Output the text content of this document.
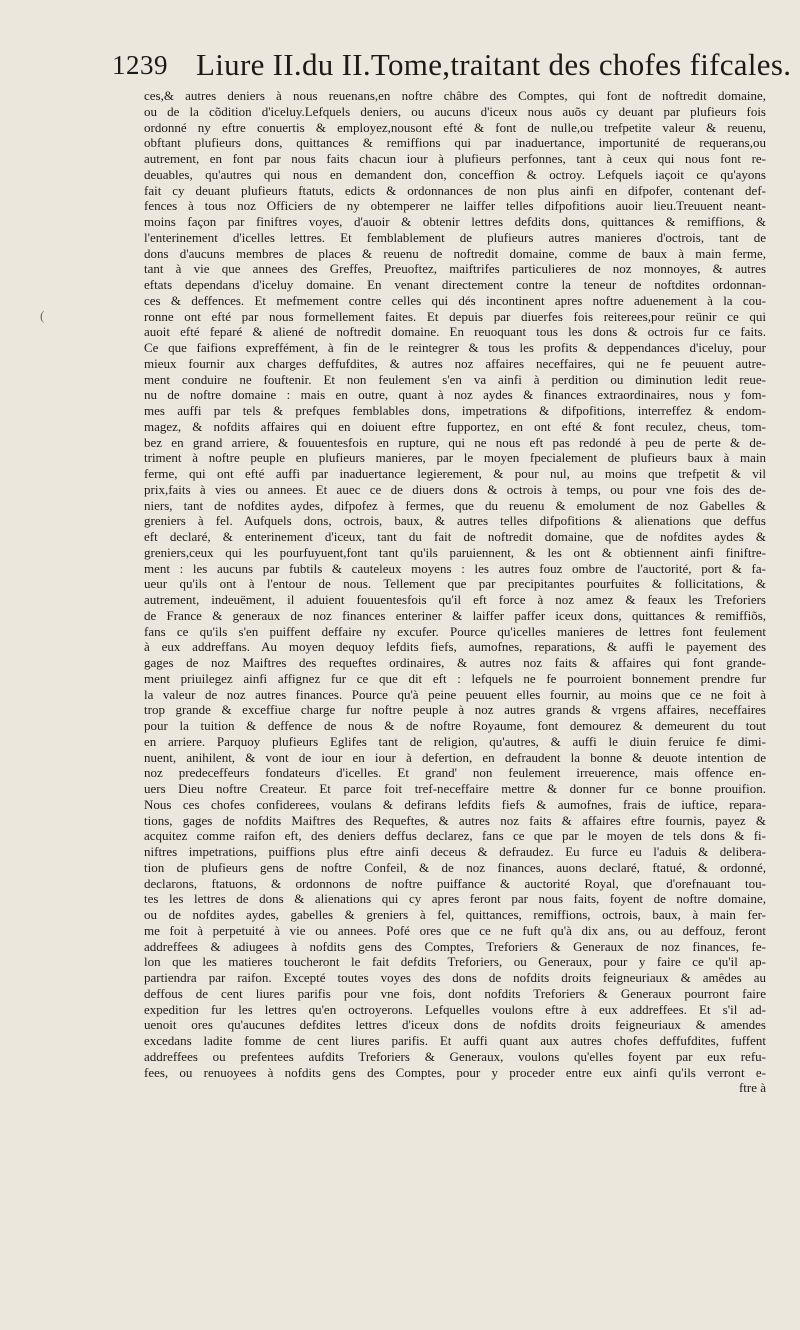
1239 Liure II.du II.Tome,traitant des chofes fifcales.
(
ces,& autres deniers à nous reuenans,en noftre châbre des Comptes, qui font de noftredit domaine,
ou de la cõdition d'iceluy.Lefquels deniers, ou aucuns d'iceux nous auõs cy deuant par plufieurs fois
ordonné ny eftre conuertis & employez,nousont efté & font de nulle,ou trefpetite valeur & reuenu,
obftant plufieurs dons, quittances & remiffions qui par inaduertance, importunité de requerans,ou
autrement, en font par nous faits chacun iour à plufieurs perfonnes, tant à ceux qui nous font re-
deuables, qu'autres qui nous en demandent don, conceffion & octroy. Lefquels iaçoit ce qu'ayons
fait cy deuant plufieurs ftatuts, edicts & ordonnances de non plus ainfi en difpofer, contenant def-
fences à tous noz Officiers de ny obtemperer ne laiffer telles difpofitions auoir lieu.Treuuent neant-
moins façon par finiftres voyes, d'auoir & obtenir lettres defdits dons, quittances & remiffions, &
l'enterinement d'icelles lettres. Et femblablement de plufieurs autres manieres d'octrois, tant de
dons d'aucuns membres de places & reuenu de noftredit domaine, comme de baux à main ferme,
tant à vie que annees des Greffes, Preuoftez, maiftrifes particulieres de noz monnoyes, & autres
eftats dependans d'iceluy domaine. En venant directement contre la teneur de noftdites ordonnan-
ces & deffences. Et mefmement contre celles qui dés incontinent apres noftre aduenement à la cou-
ronne ont efté par nous formellement faites. Et depuis par diuerfes fois reiterees,pour reünir ce qui
auoit efté feparé & aliené de noftredit domaine. En reuoquant tous les dons & octrois fur ce faits.
Ce que faifions expreffément, à fin de le reintegrer & tous les profits & deppendances d'iceluy, pour
mieux fournir aux charges deffufdites, & autres noz affaires neceffaires, qui ne fe peuuent autre-
ment conduire ne fouftenir. Et non feulement s'en va ainfi à perdition ou diminution ledit reue-
nu de noftre domaine : mais en outre, quant à noz aydes & finances extraordinaires, nous y fom-
mes auffi par tels & prefques femblables dons, impetrations & difpofitions, interreffez & endom-
magez, & nofdits affaires qui en doiuent eftre fupportez, en ont efté & font reculez, cheus, tom-
bez en grand arriere, & fouuentesfois en rupture, qui ne nous eft pas redondé à peu de perte & de-
triment à noftre peuple en plufieurs manieres, par le moyen fpecialement de plufieurs baux à main
ferme, qui ont efté auffi par inaduertance legierement, & pour nul, au moins que trefpetit & vil
prix,faits à vies ou annees. Et auec ce de diuers dons & octrois à temps, ou pour vne fois des de-
niers, tant de nofdites aydes, difpofez à fermes, que du reuenu & emolument de noz Gabelles &
greniers à fel. Aufquels dons, octrois, baux, & autres telles difpofitions & alienations que deffus
eft declaré, & enterinement d'iceux, tant du fait de noftredit domaine, que de nofdites aydes &
greniers,ceux qui les pourfuyuent,font tant qu'ils paruiennent, & les ont & obtiennent ainfi finiftre-
ment : les aucuns par fubtils & cauteleux moyens : les autres fouz ombre de l'auctorité, port & fa-
ueur qu'ils ont à l'entour de nous. Tellement que par precipitantes pourfuites & follicitations, &
autrement, indeuëment, il aduient fouuentesfois qu'il eft force à noz amez & feaux les Treforiers
de France & generaux de noz finances enteriner & laiffer paffer iceux dons, quittances & remiffiõs,
fans ce qu'ils s'en puiffent deffaire ny excufer. Pource qu'icelles manieres de lettres font feulement
à eux addreffans. Au moyen dequoy lefdits fiefs, aumofnes, reparations, & auffi le payement des
gages de noz Maiftres des requeftes ordinaires, & autres noz faits & affaires qui font grande-
ment priuilegez ainfi affignez fur ce que dit eft : lefquels ne fe pourroient bonnement prendre fur
la valeur de noz autres finances. Pource qu'à peine peuuent elles fournir, au moins que ce ne foit à
trop grande & exceffiue charge fur noftre peuple à noz autres grands & vrgens affaires, neceffaires
pour la tuition & deffence de nous & de noftre Royaume, font demourez & demeurent du tout
en arriere. Parquoy plufieurs Eglifes tant de religion, qu'autres, & auffi le diuin feruice fe dimi-
nuent, anihilent, & vont de iour en iour à defertion, en defraudent la bonne & deuote intention de
noz predeceffeurs fondateurs d'icelles. Et grand' non feulement irreuerence, mais offence en-
uers Dieu noftre Createur. Et parce foit tref-neceffaire mettre & donner fur ce bonne prouifion.
Nous ces chofes confiderees, voulans & defirans lefdits fiefs & aumofnes, frais de iuftice, repara-
tions, gages de nofdits Maiftres des Requeftes, & autres noz faits & affaires eftre fournis, payez &
acquitez comme raifon eft, des deniers deffus declarez, fans ce que par le moyen de tels dons & fi-
niftres impetrations, puiffions plus eftre ainfi deceus & defraudez. Eu furce eu l'aduis & delibera-
tion de plufieurs gens de noftre Confeil, & de noz finances, auons declaré, ftatué, & ordonné,
declarons, ftatuons, & ordonnons de noftre puiffance & auctorité Royal, que d'orefnauant tou-
tes les lettres de dons & alienations qui cy apres feront par nous faits, foyent de noftre domaine,
ou de nofdites aydes, gabelles & greniers à fel, quittances, remiffions, octrois, baux, à main fer-
me foit à perpetuité à vie ou annees. Pofé ores que ce ne fuft qu'à dix ans, ou au deffouz, feront
addreffees & adiugees à nofdits gens des Comptes, Treforiers & Generaux de noz finances, fe-
lon que les matieres toucheront le fait defdits Treforiers, ou Generaux, pour y faire ce qu'il ap-
partiendra par raifon. Excepté toutes voyes des dons de nofdits droits feigneuriaux & amêdes au
deffous de cent liures parifis pour vne fois, dont nofdits Treforiers & Generaux pourront faire
expedition fur les lettres qu'en octroyerons. Lefquelles voulons eftre à eux addreffees. Et s'il ad-
uenoit ores qu'aucunes defdites lettres d'iceux dons de nofdits droits feigneuriaux & amendes
excedans ladite fomme de cent liures parifis. Et auffi quant aux autres chofes deffufdites, fuffent
addreffees ou prefentees aufdits Treforiers & Generaux, voulons qu'elles foyent par eux refu-
fees, ou renuoyees à nofdits gens des Comptes, pour y proceder entre eux ainfi qu'ils verront e-
ftre à
